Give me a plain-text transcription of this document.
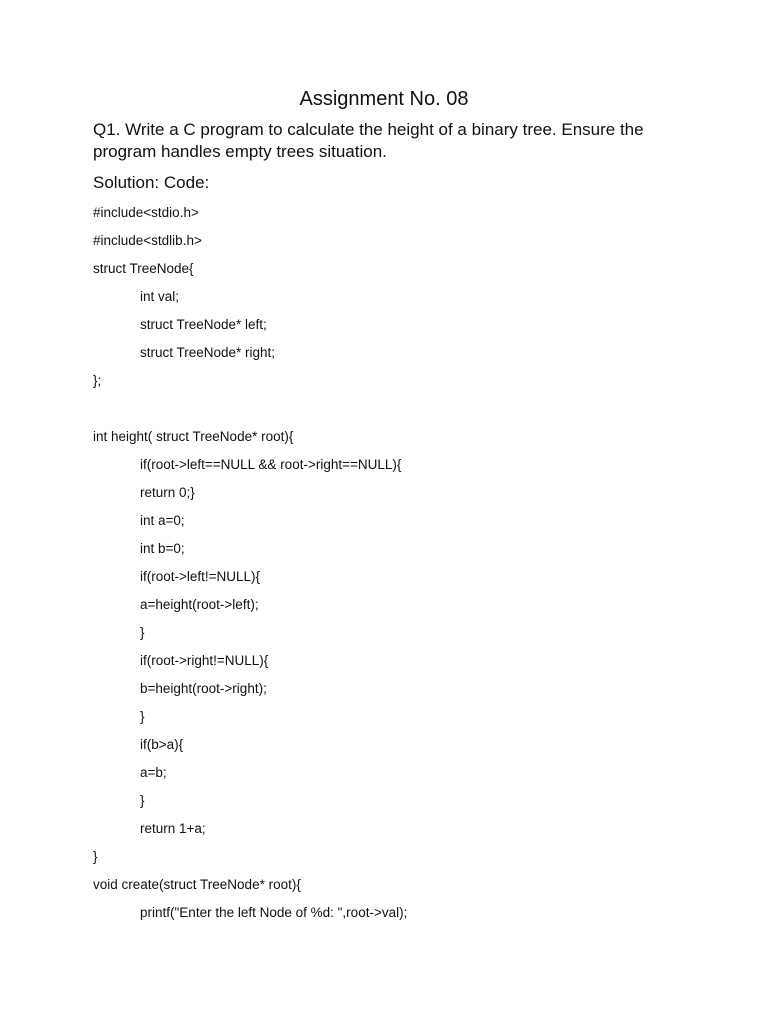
Assignment No. 08
Q1. Write a C program to calculate the height of a binary tree. Ensure the program handles empty trees situation.
Solution: Code:
#include<stdio.h>
#include<stdlib.h>
struct TreeNode{
int val;
struct TreeNode* left;
struct TreeNode* right;
};
int height( struct TreeNode* root){
if(root->left==NULL && root->right==NULL){
return 0;}
int a=0;
int b=0;
if(root->left!=NULL){
a=height(root->left);
}
if(root->right!=NULL){
b=height(root->right);
}
if(b>a){
a=b;
}
return 1+a;
}
void create(struct TreeNode* root){
printf("Enter the left Node of %d: ",root->val);
